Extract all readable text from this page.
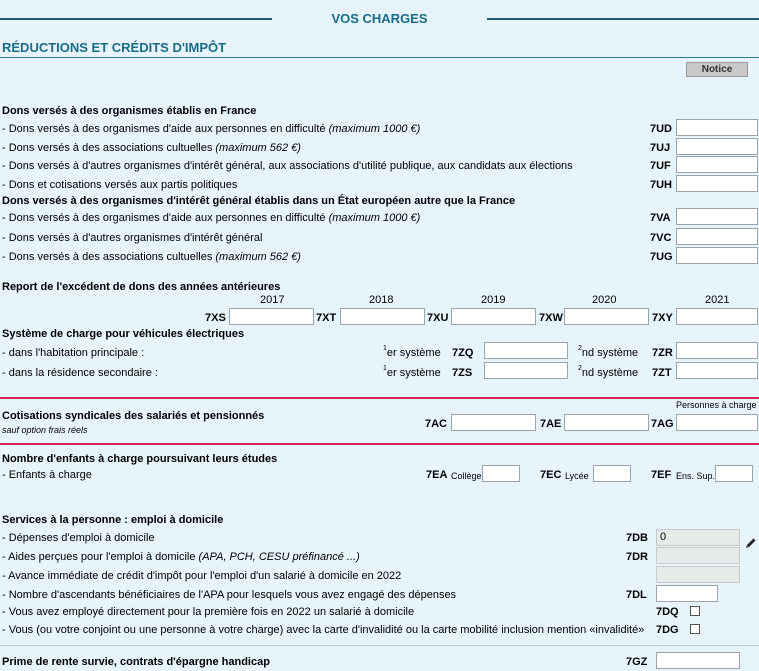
VOS CHARGES
RÉDUCTIONS ET CRÉDITS D'IMPÔT
Notice
Dons versés à des organismes établis en France
- Dons versés à des organismes d'aide aux personnes en difficulté (maximum 1000 €)	7UD
- Dons versés à des associations cultuelles (maximum 562 €)	7UJ
- Dons versés à d'autres organismes d'intérêt général, aux associations d'utilité publique, aux candidats aux élections	7UF
- Dons et cotisations versés aux partis politiques	7UH
Dons versés à des organismes d'intérêt général établis dans un État européen autre que la France
- Dons versés à des organismes d'aide aux personnes en difficulté (maximum 1000 €)	7VA
- Dons versés à d'autres organismes d'intérêt général	7VC
- Dons versés à des associations cultuelles (maximum 562 €)	7UG
Report de l'excédent de dons des années antérieures
2017	2018	2019	2020	2021
7XS	7XT	7XU	7XW	7XY
Système de charge pour véhicules électriques
- dans l'habitation principale :	$^1$er système 7ZQ	$^2$nd système 7ZR
- dans la résidence secondaire :	$^1$er système 7ZS	$^2$nd système 7ZT
Personnes à charge
Cotisations syndicales des salariés et pensionnés
sauf option frais réels	7AC	7AE	7AG
Nombre d'enfants à charge poursuivant leurs études
- Enfants à charge	7EA Collège	7EC Lycée	7EF Ens. Sup.
Services à la personne : emploi à domicile
- Dépenses d'emploi à domicile	7DB	0
- Aides perçues pour l'emploi à domicile (APA, PCH, CESU préfinancé ...)	7DR
- Avance immédiate de crédit d'impôt pour l'emploi d'un salarié à domicile en 2022
- Nombre d'ascendants bénéficiaires de l'APA pour lesquels vous avez engagé des dépenses	7DL
- Vous avez employé directement pour la première fois en 2022 un salarié à domicile	7DQ
- Vous (ou votre conjoint ou une personne à votre charge) avec la carte d'invalidité ou la carte mobilité inclusion mention «invalidité» 7DG
Prime de rente survie, contrats d'épargne handicap	7GZ
